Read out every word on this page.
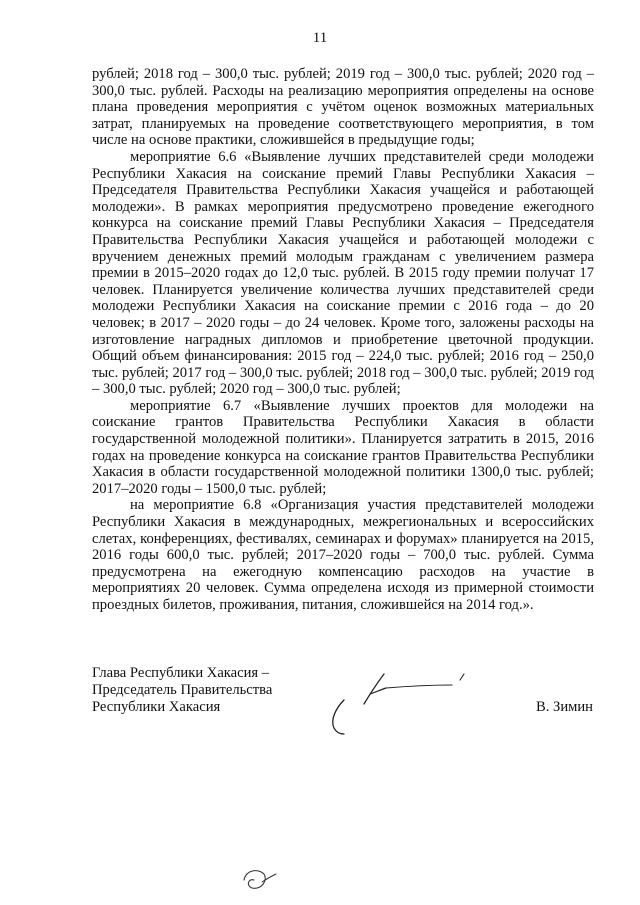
11

рублей; 2018 год – 300,0 тыс. рублей; 2019 год – 300,0 тыс. рублей; 2020 год – 300,0 тыс. рублей. Расходы на реализацию мероприятия определены на основе плана проведения мероприятия с учётом оценок возможных материальных затрат, планируемых на проведение соответствующего мероприятия, в том числе на основе практики, сложившейся в предыдущие годы;

мероприятие 6.6 «Выявление лучших представителей среди молодежи Республики Хакасия на соискание премий Главы Республики Хакасия – Председателя Правительства Республики Хакасия учащейся и работающей молодежи». В рамках мероприятия предусмотрено проведение ежегодного конкурса на соискание премий Главы Республики Хакасия – Председателя Правительства Республики Хакасия учащейся и работающей молодежи с вручением денежных премий молодым гражданам с увеличением размера премии в 2015–2020 годах до 12,0 тыс. рублей. В 2015 году премии получат 17 человек. Планируется увеличение количества лучших представителей среди молодежи Республики Хакасия на соискание премии с 2016 года – до 20 человек; в 2017 – 2020 годы – до 24 человек. Кроме того, заложены расходы на изготовление наградных дипломов и приобретение цветочной продукции. Общий объем финансирования: 2015 год – 224,0 тыс. рублей; 2016 год – 250,0 тыс. рублей; 2017 год – 300,0 тыс. рублей; 2018 год – 300,0 тыс. рублей; 2019 год – 300,0 тыс. рублей; 2020 год – 300,0 тыс. рублей;

мероприятие 6.7 «Выявление лучших проектов для молодежи на соискание грантов Правительства Республики Хакасия в области государственной молодежной политики». Планируется затратить в 2015, 2016 годах на проведение конкурса на соискание грантов Правительства Республики Хакасия в области государственной молодежной политики 1300,0 тыс. рублей; 2017–2020 годы – 1500,0 тыс. рублей;

на мероприятие 6.8 «Организация участия представителей молодежи Республики Хакасия в международных, межрегиональных и всероссийских слетах, конференциях, фестивалях, семинарах и форумах» планируется на 2015, 2016 годы 600,0 тыс. рублей; 2017–2020 годы – 700,0 тыс. рублей. Сумма предусмотрена на ежегодную компенсацию расходов на участие в мероприятиях 20 человек. Сумма определена исходя из примерной стоимости проездных билетов, проживания, питания, сложившейся на 2014 год.».

Глава Республики Хакасия –
Председатель Правительства
Республики Хакасия	В. Зимин
